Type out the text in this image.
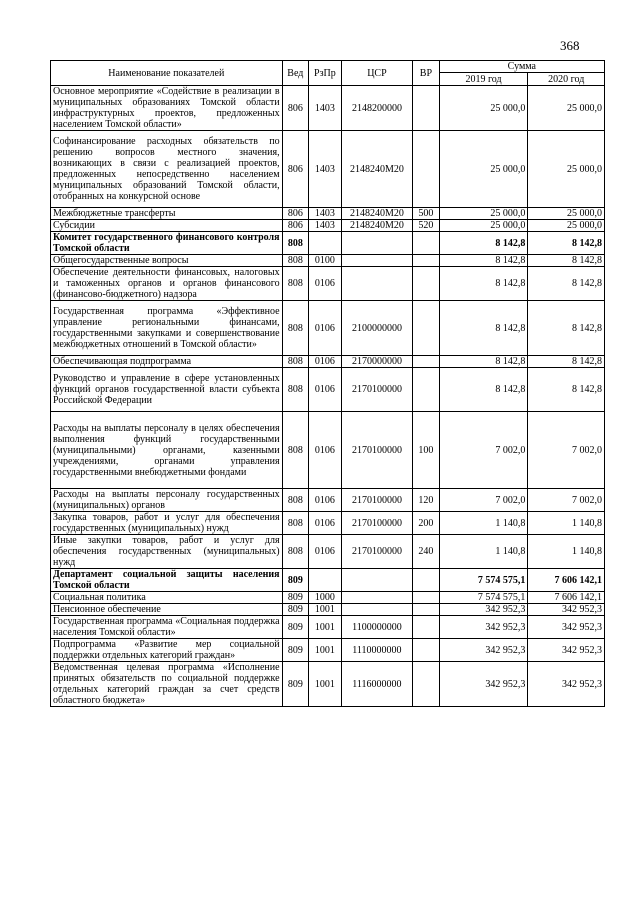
368
Наименование показателей	Вед	РзПр	ЦСР	ВР	Сумма	
					2019 год	2020 год
Основное мероприятие «Содействие в реализации в муниципальных образованиях Томской области инфраструктурных проектов, предложенных населением Томской области»	806	1403	2148200000		25 000,0	25 000,0
Софинансирование расходных обязательств по решению вопросов местного значения, возникающих в связи с реализацией проектов, предложенных непосредственно населением муниципальных образований Томской области, отобранных на конкурсной основе	806	1403	2148240M20		25 000,0	25 000,0
Межбюджетные трансферты	806	1403	2148240M20	500	25 000,0	25 000,0
Субсидии	806	1403	2148240M20	520	25 000,0	25 000,0
Комитет государственного финансового контроля Томской области	808				8 142,8	8 142,8
Общегосударственные вопросы	808	0100			8 142,8	8 142,8
Обеспечение деятельности финансовых, налоговых и таможенных органов и органов финансового (финансово-бюджетного) надзора	808	0106			8 142,8	8 142,8
Государственная программа «Эффективное управление региональными финансами, государственными закупками и совершенствование межбюджетных отношений в Томской области»	808	0106	2100000000		8 142,8	8 142,8
Обеспечивающая подпрограмма	808	0106	2170000000		8 142,8	8 142,8
Руководство и управление в сфере установленных функций органов государственной власти субъекта Российской Федерации	808	0106	2170100000		8 142,8	8 142,8
Расходы на выплаты персоналу в целях обеспечения выполнения функций государственными (муниципальными) органами, казенными учреждениями, органами управления государственными внебюджетными фондами	808	0106	2170100000	100	7 002,0	7 002,0
Расходы на выплаты персоналу государственных (муниципальных) органов	808	0106	2170100000	120	7 002,0	7 002,0
Закупка товаров, работ и услуг для обеспечения государственных (муниципальных) нужд	808	0106	2170100000	200	1 140,8	1 140,8
Иные закупки товаров, работ и услуг для обеспечения государственных (муниципальных) нужд	808	0106	2170100000	240	1 140,8	1 140,8
Департамент социальной защиты населения Томской области	809				7 574 575,1	7 606 142,1
Социальная политика	809	1000			7 574 575,1	7 606 142,1
Пенсионное обеспечение	809	1001			342 952,3	342 952,3
Государственная программа «Социальная поддержка населения Томской области»	809	1001	1100000000		342 952,3	342 952,3
Подпрограмма «Развитие мер социальной поддержки отдельных категорий граждан»	809	1001	1110000000		342 952,3	342 952,3
Ведомственная целевая программа «Исполнение принятых обязательств по социальной поддержке отдельных категорий граждан за счет средств областного бюджета»	809	1001	1116000000		342 952,3	342 952,3
